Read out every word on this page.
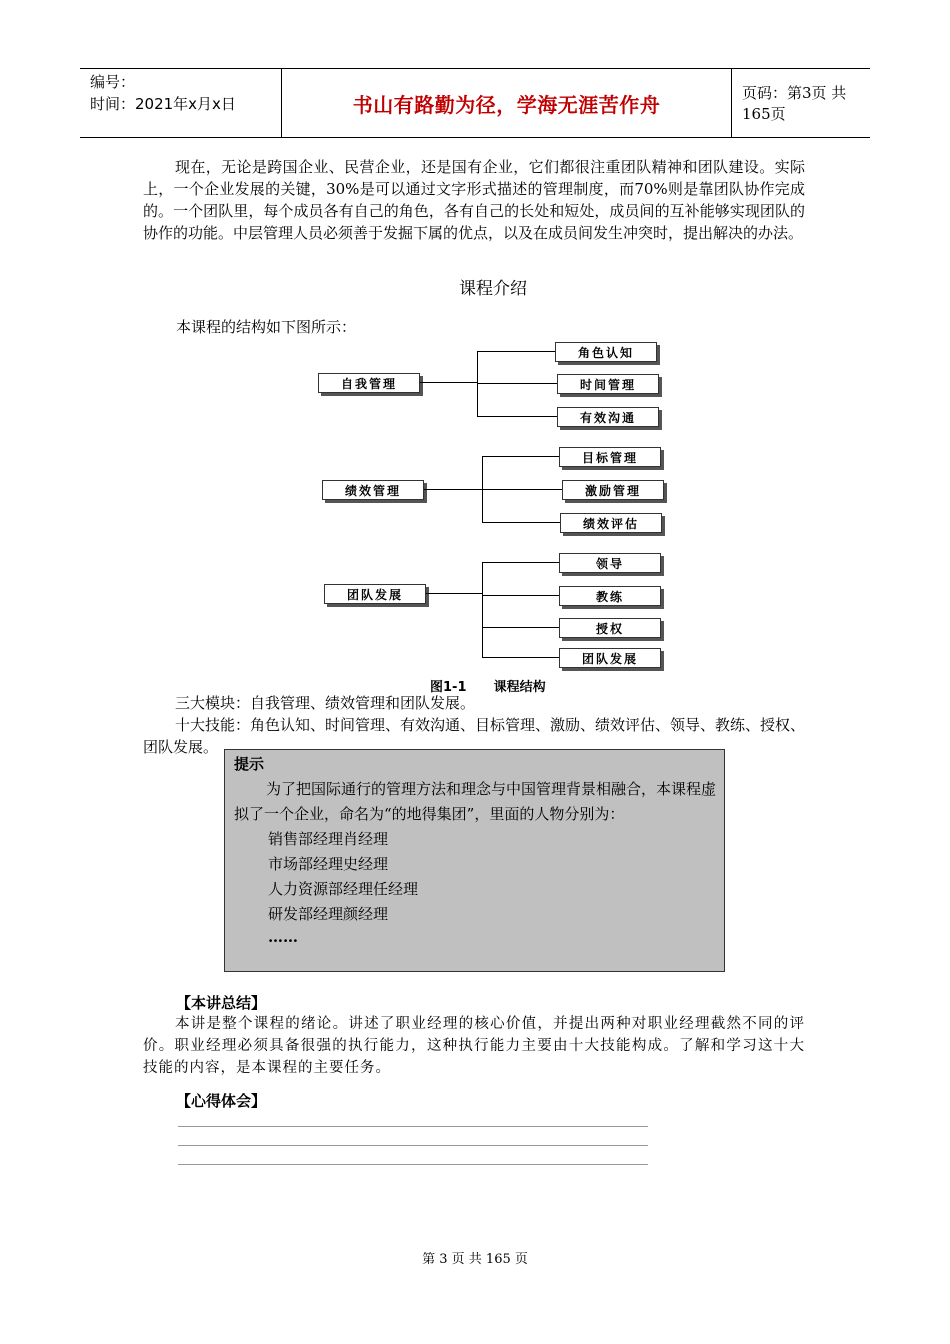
编号：
时间：2021年x月x日	书山有路勤为径，学海无涯苦作舟	页码：第3页 共165页
现在，无论是跨国企业、民营企业，还是国有企业，它们都很注重团队精神和团队建设。实际上，一个企业发展的关键，30%是可以通过文字形式描述的管理制度，而70%则是靠团队协作完成的。一个团队里，每个成员各有自己的角色，各有自己的长处和短处，成员间的互补能够实现团队的协作的功能。中层管理人员必须善于发掘下属的优点，以及在成员间发生冲突时，提出解决的办法。
课程介绍
本课程的结构如下图所示：
自我管理
角色认知
时间管理
有效沟通
绩效管理
目标管理
激励管理
绩效评估
团队发展
领导
教练
授权
团队发展
图1-1      课程结构
三大模块：自我管理、绩效管理和团队发展。
十大技能：角色认知、时间管理、有效沟通、目标管理、激励、绩效评估、领导、教练、授权、团队发展。
提示
为了把国际通行的管理方法和理念与中国管理背景相融合，本课程虚拟了一个企业，命名为“的地得集团”，里面的人物分别为：
销售部经理肖经理
市场部经理史经理
人力资源部经理任经理
研发部经理颜经理
……
【本讲总结】
本讲是整个课程的绪论。讲述了职业经理的核心价值，并提出两种对职业经理截然不同的评价。职业经理必须具备很强的执行能力，这种执行能力主要由十大技能构成。了解和学习这十大技能的内容，是本课程的主要任务。
【心得体会】
第 3 页 共 165 页
